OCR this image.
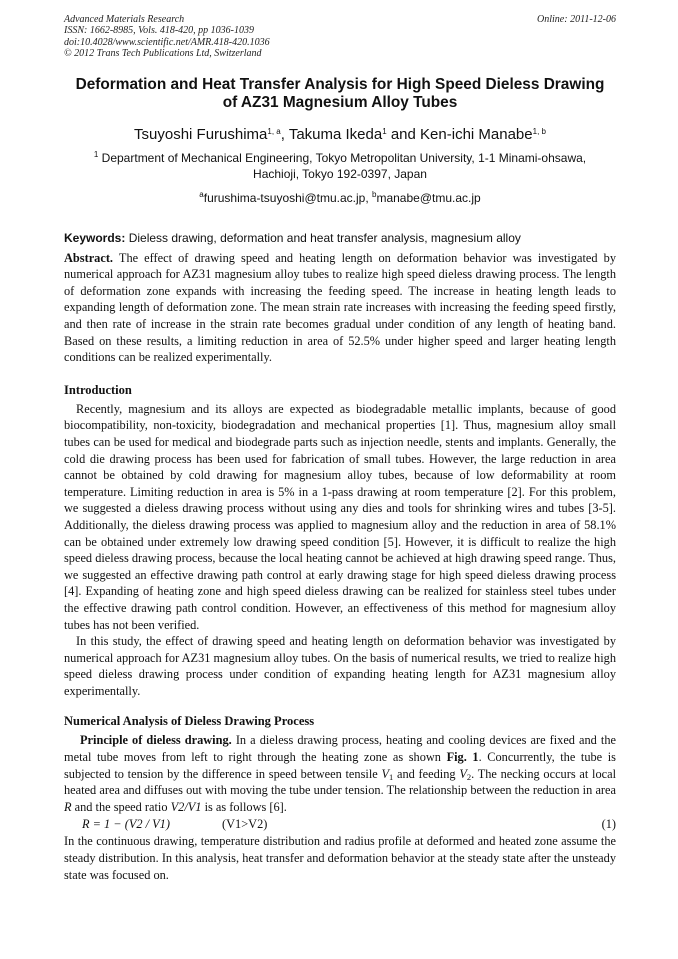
Advanced Materials Research
ISSN: 1662-8985, Vols. 418-420, pp 1036-1039
doi:10.4028/www.scientific.net/AMR.418-420.1036
© 2012 Trans Tech Publications Ltd, Switzerland
Online: 2011-12-06
Deformation and Heat Transfer Analysis for High Speed Dieless Drawing
of AZ31 Magnesium Alloy Tubes
Tsuyoshi Furushima$^{1, a}$, Takuma Ikeda$^1$ and Ken-ichi Manabe$^{1, b}$
$^1$ Department of Mechanical Engineering, Tokyo Metropolitan University, 1-1 Minami-ohsawa,
Hachioji, Tokyo 192-0397, Japan
$^a$furushima-tsuyoshi@tmu.ac.jp, $^b$manabe@tmu.ac.jp
Keywords: Dieless drawing, deformation and heat transfer analysis, magnesium alloy

Abstract. The effect of drawing speed and heating length on deformation behavior was investigated by numerical approach for AZ31 magnesium alloy tubes to realize high speed dieless drawing process. The length of deformation zone expands with increasing the feeding speed. The increase in heating length leads to expanding length of deformation zone. The mean strain rate increases with increasing the feeding speed firstly, and then rate of increase in the strain rate becomes gradual under condition of any length of heating band. Based on these results, a limiting reduction in area of 52.5% under higher speed and larger heating length conditions can be realized experimentally.

Introduction

Recently, magnesium and its alloys are expected as biodegradable metallic implants, because of good biocompatibility, non-toxicity, biodegradation and mechanical properties [1]. Thus, magnesium alloy small tubes can be used for medical and biodegrade parts such as injection needle, stents and implants. Generally, the cold die drawing process has been used for fabrication of small tubes. However, the large reduction in area cannot be obtained by cold drawing for magnesium alloy tubes, because of low deformability at room temperature. Limiting reduction in area is 5% in a 1-pass drawing at room temperature [2]. For this problem, we suggested a dieless drawing process without using any dies and tools for shrinking wires and tubes [3-5]. Additionally, the dieless drawing process was applied to magnesium alloy and the reduction in area of 58.1% can be obtained under extremely low drawing speed condition [5]. However, it is difficult to realize the high speed dieless drawing process, because the local heating cannot be achieved at high drawing speed range. Thus, we suggested an effective drawing path control at early drawing stage for high speed dieless drawing process [4]. Expanding of heating zone and high speed dieless drawing can be realized for stainless steel tubes under the effective drawing path control condition. However, an effectiveness of this method for magnesium alloy tubes has not been verified.

In this study, the effect of drawing speed and heating length on deformation behavior was investigated by numerical approach for AZ31 magnesium alloy tubes. On the basis of numerical results, we tried to realize high speed dieless drawing process under condition of expanding heating length for AZ31 magnesium alloy experimentally.

Numerical Analysis of Dieless Drawing Process

Principle of dieless drawing. In a dieless drawing process, heating and cooling devices are fixed and the metal tube moves from left to right through the heating zone as shown Fig. 1. Concurrently, the tube is subjected to tension by the difference in speed between tensile $V_1$ and feeding $V_2$. The necking occurs at local heated area and diffuses out with moving the tube under tension. The relationship between the reduction in area R and the speed ratio V2/V1 is as follows [6].

R = 1 − (V2 / V1)	(V1>V2)	(1)

In the continuous drawing, temperature distribution and radius profile at deformed and heated zone assume the steady distribution. In this analysis, heat transfer and deformation behavior at the steady state after the unsteady state was focused on.
